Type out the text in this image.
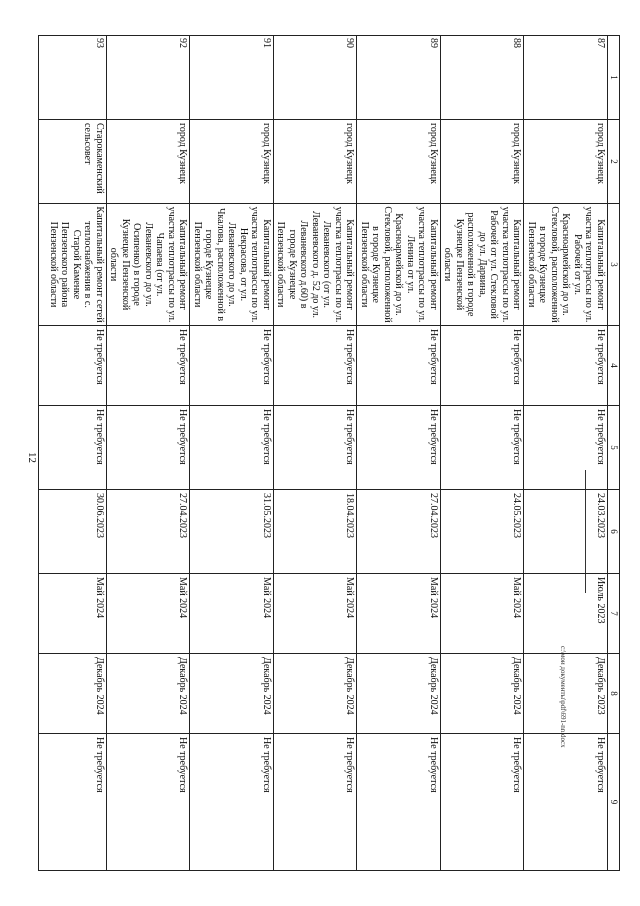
12
c:\мои документы\pdf\691-nn.docx
1	2	3	4	5	6	7	8	9
87	город Кузнецк	Капитальный ремонт участка теплотрассы по ул. Рабочей от ул. Красноармейской до ул. Стекловой, расположенной в городе Кузнецке Пензенской области	Не требуется	Не требуется	24.03.2023	Июль 2023	Декабрь 2023	Не требуется
88	город Кузнецк	Капитальный ремонт участка теплотрассы по ул. Рабочей от ул. Стекловой до ул. Дарвина, расположенной в городе Кузнецке Пензенской области	Не требуется	Не требуется	24.05.2023	Май 2024	Декабрь 2024	Не требуется
89	город Кузнецк	Капитальный ремонт участка теплотрассы по ул. Ленина от ул. Красноармейской до ул. Стекловой, расположенной в городе Кузнецке Пензенской области	Не требуется	Не требуется	27.04.2023	Май 2024	Декабрь 2024	Не требуется
90	город Кузнецк	Капитальный ремонт участка теплотрассы по ул. Леваневского (от ул. Леваневского д. 52 до ул. Леваневского д.60) в городе Кузнецке Пензенской области	Не требуется	Не требуется	18.04.2023	Май 2024	Декабрь 2024	Не требуется
91	город Кузнецк	Капитальный ремонт участка теплотрассы по ул. Некрасова, от ул. Леваневского до ул. Чкалова, расположенной в городе Кузнецке Пензенской области	Не требуется	Не требуется	31.05.2023	Май 2024	Декабрь 2024	Не требуется
92	город Кузнецк	Капитальный ремонт участка теплотрассы по ул. Чапаева (от ул. Леваневского до ул. Осипенко) в городе Кузнецке Пензенской области	Не требуется	Не требуется	27.04.2023	Май 2024	Декабрь 2024	Не требуется
93	Старокаменский сельсовет	Капитальный ремонт сетей теплоснабжения в с. Старой Каменке Пензенского района Пензенской области	Не требуется	Не требуется	30.06.2023	Май 2024	Декабрь 2024	Не требуется
